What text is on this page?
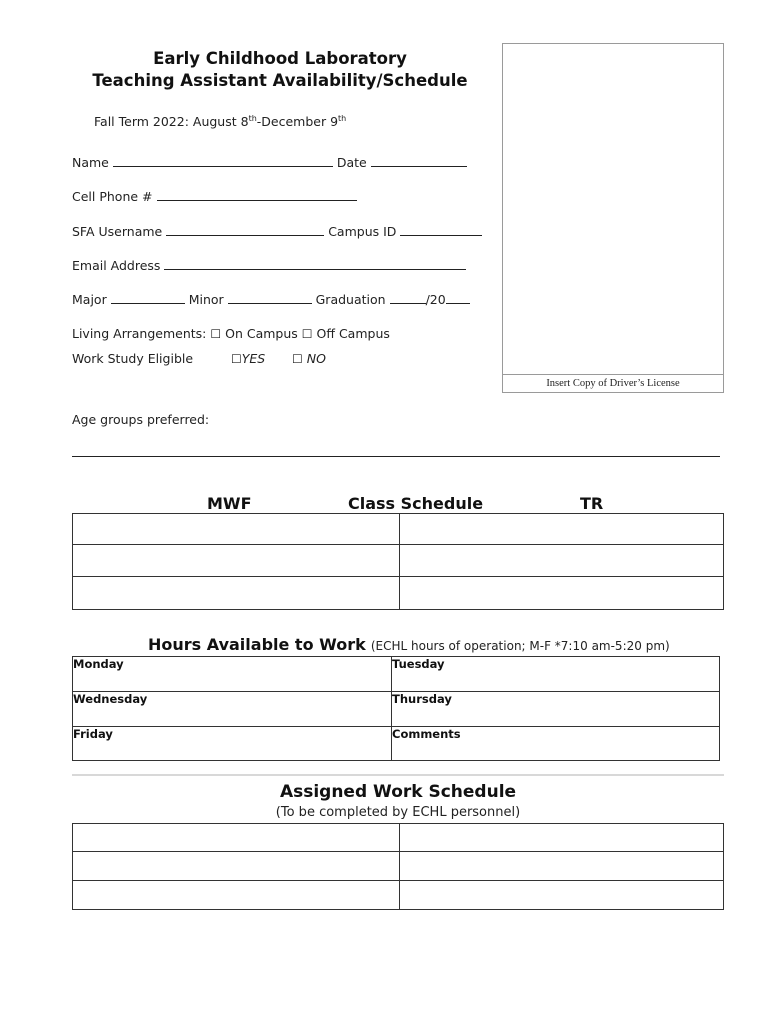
Early Childhood Laboratory
Teaching Assistant Availability/Schedule
Fall Term 2022: August 8th-December 9th
Name	Date
Cell Phone #
SFA Username	Campus ID
Email Address
Major	Minor	Graduation	/20
Living Arrangements: ☐ On Campus ☐ Off Campus
Work Study Eligible	☐YES ☐ NO
Insert Copy of Driver’s License
Age groups preferred:
MWF	Class Schedule	TR

Hours Available to Work (ECHL hours of operation; M-F *7:10 am-5:20 pm)
Monday	Tuesday
Wednesday	Thursday
Friday	Comments
Assigned Work Schedule
(To be completed by ECHL personnel)
